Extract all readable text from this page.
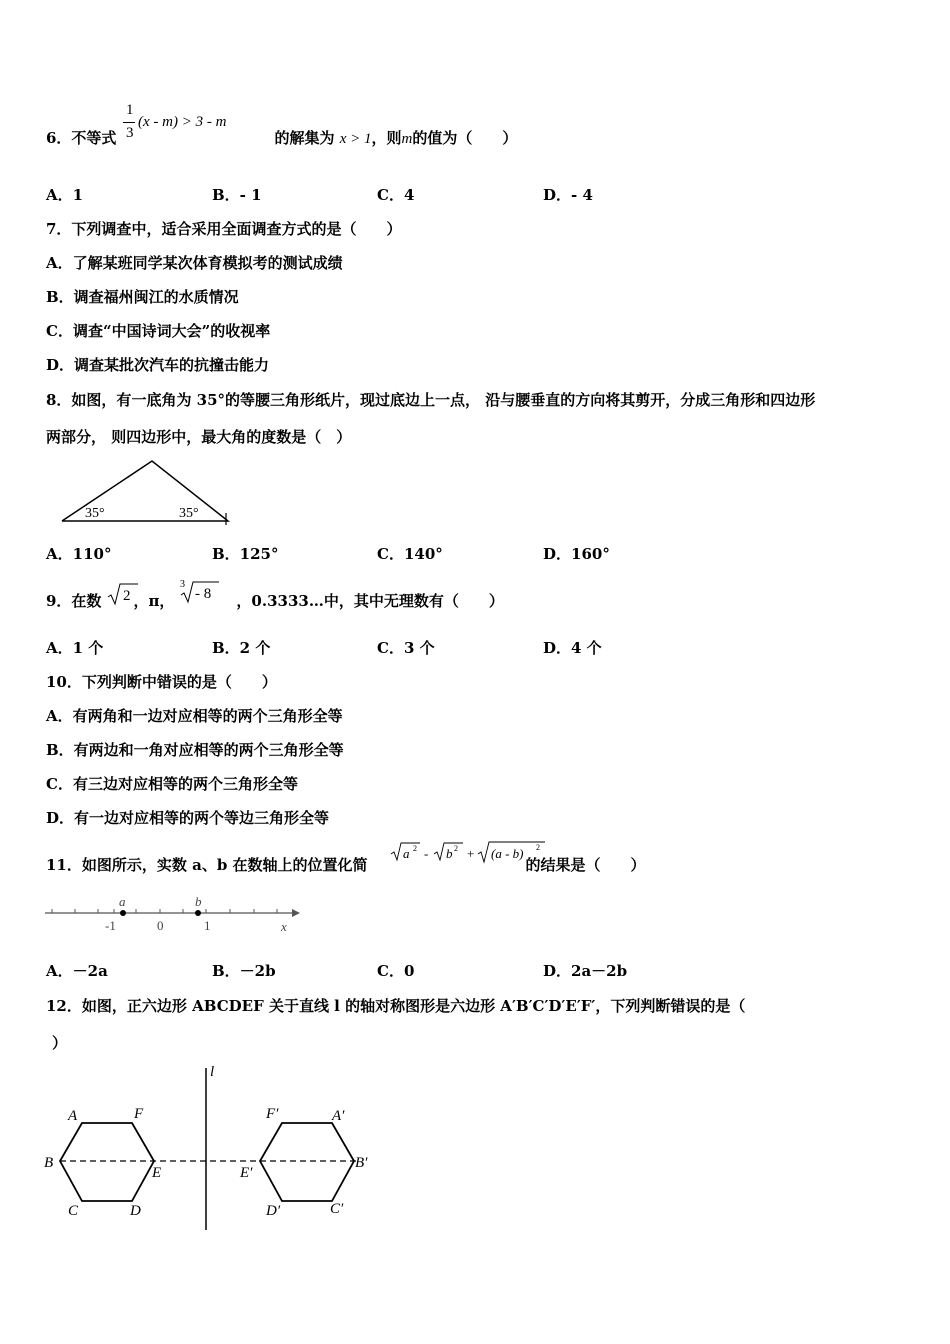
6．不等式	的解集为 x > 1，则m的值为（　　）
1
3
(x - m) > 3 - m
A．1	B．- 1	C．4	D．- 4
7．下列调查中，适合采用全面调查方式的是（　　）
A．了解某班同学某次体育模拟考的测试成绩
B．调查福州闽江的水质情况
C．调查“中国诗词大会”的收视率
D．调查某批次汽车的抗撞击能力
8．如图，有一底角为 35°的等腰三角形纸片，现过底边上一点， 沿与腰垂直的方向将其剪开，分成三角形和四边形
两部分， 则四边形中，最大角的度数是（　）
35°	35°
A．110°	B．125°	C．140°	D．160°
9．在数 ，π，	，0.3333…中，其中无理数有（　　）
2
3
- 8
A．1 个	B．2 个	C．3 个	D．4 个
10．下列判断中错误的是（　　）
A．有两角和一边对应相等的两个三角形全等
B．有两边和一角对应相等的两个三角形全等
C．有三边对应相等的两个三角形全等
D．有一边对应相等的两个等边三角形全等
11．如图所示，实数 a、b 在数轴上的位置化简	的结果是（　　）
a 2 - b 2 + (a - b) 2
a	b
-1	0	1	x
A．－2a	B．－2b	C．0	D．2a－2b
12．如图，正六边形 ABCDEF 关于直线 l 的轴对称图形是六边形 A′B′C′D′E′F′，下列判断错误的是（
）
l
A	F
B
E
C	D
F′	A′
E′
B′
D′	C′
